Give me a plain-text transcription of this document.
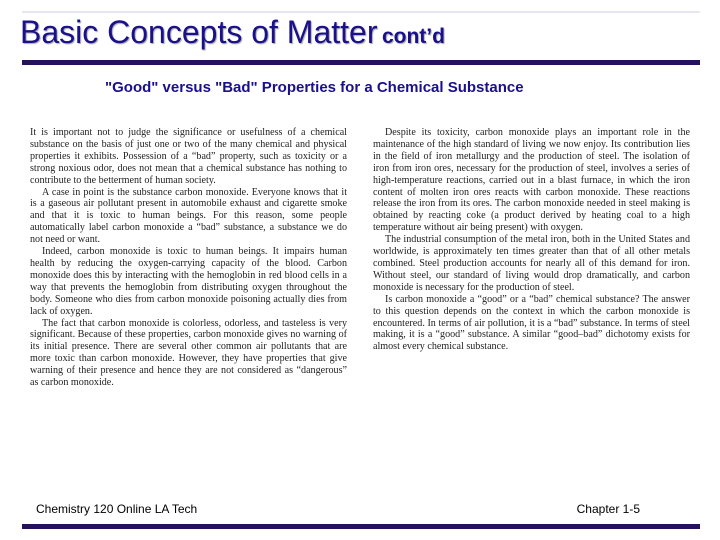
Basic Concepts of Matter cont’d
"Good" versus "Bad" Properties for a Chemical Substance

It is important not to judge the significance or usefulness of a chemical substance on the basis of just one or two of the many chemical and physical properties it exhibits. Possession of a “bad” property, such as toxicity or a strong noxious odor, does not mean that a chemical substance has nothing to contribute to the betterment of human society.

A case in point is the substance carbon monoxide. Everyone knows that it is a gaseous air pollutant present in automobile exhaust and cigarette smoke and that it is toxic to human beings. For this reason, some people automatically label carbon monoxide a “bad” substance, a substance we do not need or want.

Indeed, carbon monoxide is toxic to human beings. It impairs human health by reducing the oxygen-carrying capacity of the blood. Carbon monoxide does this by interacting with the hemoglobin in red blood cells in a way that prevents the hemoglobin from distributing oxygen throughout the body. Someone who dies from carbon monoxide poisoning actually dies from lack of oxygen.

The fact that carbon monoxide is colorless, odorless, and tasteless is very significant. Because of these properties, carbon monoxide gives no warning of its initial presence. There are several other common air pollutants that are more toxic than carbon monoxide. However, they have properties that give warning of their presence and hence they are not considered as “dangerous” as carbon monoxide.

Despite its toxicity, carbon monoxide plays an important role in the maintenance of the high standard of living we now enjoy. Its contribution lies in the field of iron metallurgy and the production of steel. The isolation of iron from iron ores, necessary for the production of steel, involves a series of high-temperature reactions, carried out in a blast furnace, in which the iron content of molten iron ores reacts with carbon monoxide. These reactions release the iron from its ores. The carbon monoxide needed in steel making is obtained by reacting coke (a product derived by heating coal to a high temperature without air being present) with oxygen.

The industrial consumption of the metal iron, both in the United States and worldwide, is approximately ten times greater than that of all other metals combined. Steel production accounts for nearly all of this demand for iron. Without steel, our standard of living would drop dramatically, and carbon monoxide is necessary for the production of steel.

Is carbon monoxide a “good” or a “bad” chemical substance? The answer to this question depends on the context in which the carbon monoxide is encountered. In terms of air pollution, it is a “bad” substance. In terms of steel making, it is a “good” substance. A similar “good–bad” dichotomy exists for almost every chemical substance.

Chemistry 120 Online LA Tech	Chapter 1-5
